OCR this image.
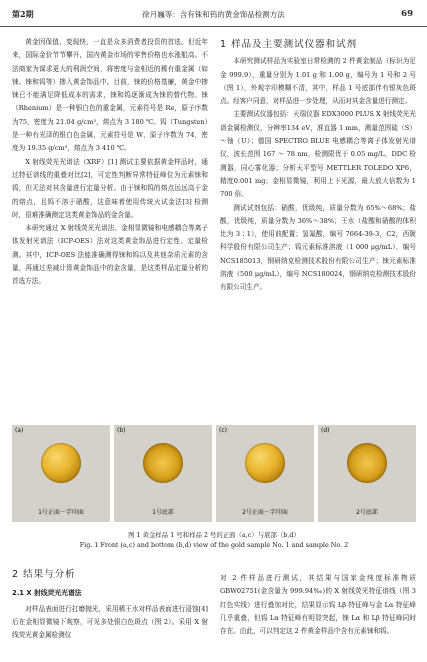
第2期	徐月巍等：含有铢和钨的黄金饰品检测方法	69

黄金因保值、变现快，一直是众多消费者投资的首选。但近年来，国际金价节节攀升，国内黄金市场的零售价格也水涨船高。不法商家为谋求更大的利润空间，将密度与金相近的稀有重金属（如铼、铼和钨等）掺入黄金饰品中。目前，铼的价格基廉，黄金中掺铼已不能满足降低成本的需求，铼和钨逐渐成为铼的替代物。铼（Rhenium）是一种银白色的重金属，元素符号是 Re，原子序数为75，密度为 21.04 g/cm³，熔点为 3 180 ℃。钨（Tungsten）是一种有光泽的银白色金属，元素符号是 W，原子序数为 74，密度为 19.35 g/cm³，熔点为 3 410 ℃。

X 射线荧光光谱法（XRF）[1] 测试主要依据黄金样品时，通过特征谱线的重叠对比[2]，可定性判断异常特征峰位为元素铼和钨，但无法对其含量进行定量分析。由于铼和钨的熔点远远高于金的熔点，且钨不溶于硝酸，这意味着使用传统火试金法[3] 检测时，很难准确测定这类黄金饰品的金含量。

本研究通过 X 射线荧光光谱法、金相显微镜和电感耦合等离子体发射光谱法（ICP-OES）法对这类黄金饰品进行定性、定量检测。其中，ICP-OES 法能准确测得铼和钨以及其他杂质元素的含量，再通过差减计算黄金饰品中的金含量，是这类样品定量分析的首选方法。

1 样品及主要测试仪器和试剂

本研究测试样品为实验室日常检测的 2 件黄金制品（标识为足金 999.9），重量分别为 1.01 g 和 1.00 g，编号为 1 号和 2 号（图 1），外观字印模糊不清，其中，样品 1 号底部伴有银灰色斑点。经客户同意，对样品进一步处理，从而对其金含量进行测定。

主要测试仪器包括：天瑞仪器 EDX3000 PLUS X 射线荧光光谱金属检测仪，分辨率134 eV，准直器 1 mm，测量范围硫（S）～铀（U）；德国 SPECTRO BLUE 电感耦合等离子体发射光谱仪，波长范围 167 ～ 78 nm，检测限优于 0.05 mg/L，DDC 检测器，同心雾化器；分析天平型号 METTLER TOLEDO XP6，精度0.001 mg；金相显微镜，利用上下光源，最大放大倍数为 1 700 倍。

测试试剂包括：硝酸，优级纯，质量分数为 65%～68%；盐酸，优级纯，质量分数为 36%～38%；王水（盐酸和硝酸的体积比为 3∶1），使用前配置；氢氟酸，编号 7664-39-3，C2，西陇科学股份有限公司生产；钨元素标准溶液（1 000 μg/mL），编号 NCS185013，钢研纳克检测技术股份有限公司生产；铼元素标准溶液（500 μg/mL），编号 NCS180024，钢研纳克检测技术股份有限公司生产。

(a)
1号正面－字印面
(b)
1号底部
(c)
2号正面－字印面
(d)
2号底部
图 1 黄金样品 1 号和样品 2 号的正面（a,c）与底部（b,d）
Fig. 1 Front (a,c) and bottom (b,d) view of the gold sample No. 1 and sample No. 2
2 结果与分析
2.1 X 射线荧光光谱法

对样品表面进行打磨抛光，采用稀王水对样品表面进行浸蚀[4] 后在金相显微镜下观察，可见多处银白色斑点（图 2）。采用 X 射线荧光黄金属检测仪

对 2 件样品进行测试，其结果与国家金纯度标准物质 GBW02751(金含量为 999.94‰)的 X 射线荧光特征谱线（图 3 红色实线）进行叠加对比，结果显示钨 Lβ 特征峰与金 Lα 特征峰几乎重叠，但钨 Lα 特征峰有明显突起，铼 Lα 和 Lβ 特征峰同时存在。由此，可以判定这 2 件黄金样品中含有元素铼和钨。
